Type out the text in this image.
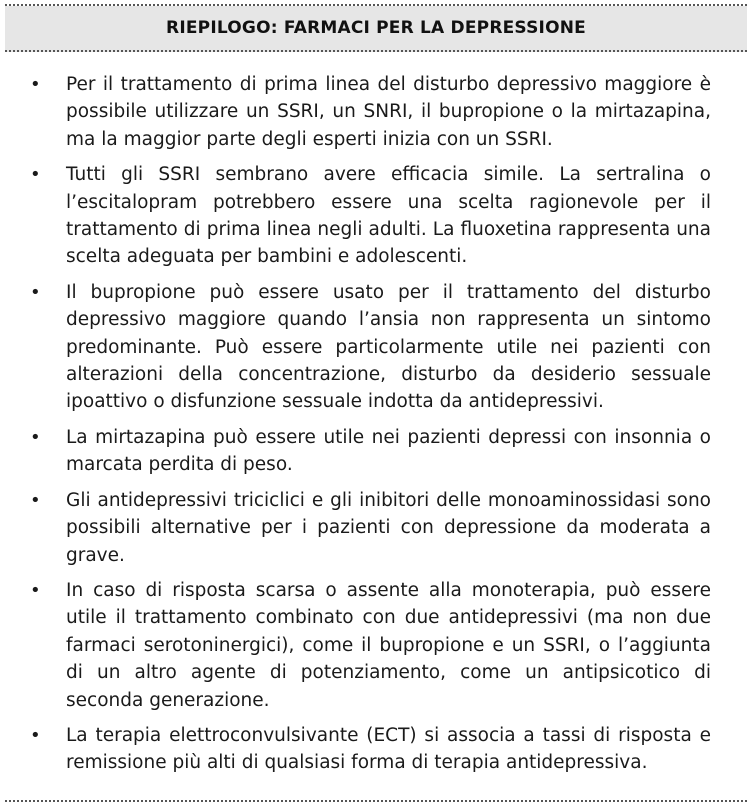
RIEPILOGO: FARMACI PER LA DEPRESSIONE
• Per il trattamento di prima linea del disturbo depressivo maggiore è possibile utilizzare un SSRI, un SNRI, il bupropione o la mirtazapina, ma la maggior parte degli esperti inizia con un SSRI.
• Tutti gli SSRI sembrano avere efficacia simile. La sertralina o l’escitalopram potrebbero essere una scelta ragionevole per il trattamento di prima linea negli adulti. La fluoxetina rappresenta una scelta adeguata per bambini e adolescenti.
• Il bupropione può essere usato per il trattamento del disturbo depressivo maggiore quando l’ansia non rappresenta un sintomo predominante. Può essere particolarmente utile nei pazienti con alterazioni della concentrazione, disturbo da desiderio sessuale ipoattivo o disfunzione sessuale indotta da antidepressivi.
• La mirtazapina può essere utile nei pazienti depressi con insonnia o marcata perdita di peso.
• Gli antidepressivi triciclici e gli inibitori delle monoaminossidasi sono possibili alternative per i pazienti con depressione da moderata a grave.
• In caso di risposta scarsa o assente alla monoterapia, può essere utile il trattamento combinato con due antidepressivi (ma non due farmaci serotoninergici), come il bupropione e un SSRI, o l’aggiunta di un altro agente di potenziamento, come un antipsicotico di seconda generazione.
• La terapia elettroconvulsivante (ECT) si associa a tassi di risposta e remissione più alti di qualsiasi forma di terapia antidepressiva.
